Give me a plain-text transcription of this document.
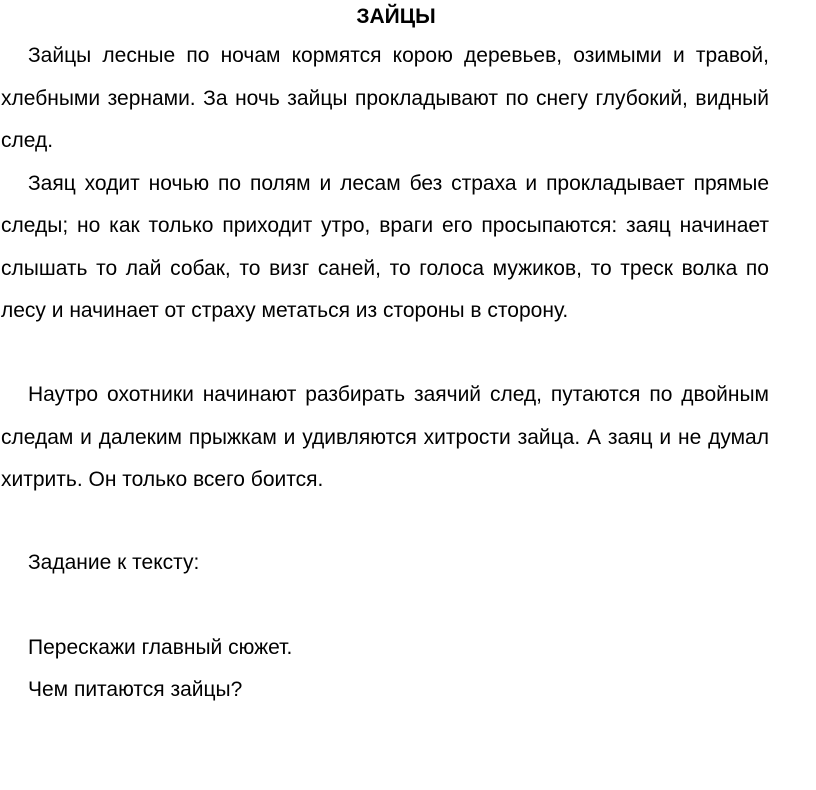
ЗАЙЦЫ

Зайцы лесные по ночам кормятся корою деревьев, озимыми и травой, хлебными зернами. За ночь зайцы прокладывают по снегу глубокий, видный след.

Заяц ходит ночью по полям и лесам без страха и прокладывает прямые следы; но как только приходит утро, враги его просыпаются: заяц начинает слышать то лай собак, то визг саней, то голоса мужиков, то треск волка по лесу и начинает от страху метаться из стороны в сторону.

Наутро охотники начинают разбирать заячий след, путаются по двойным следам и далеким прыжкам и удивляются хитрости зайца. А заяц и не думал хитрить. Он только всего боится.

Задание к тексту:

Перескажи главный сюжет.

Чем питаются зайцы?
